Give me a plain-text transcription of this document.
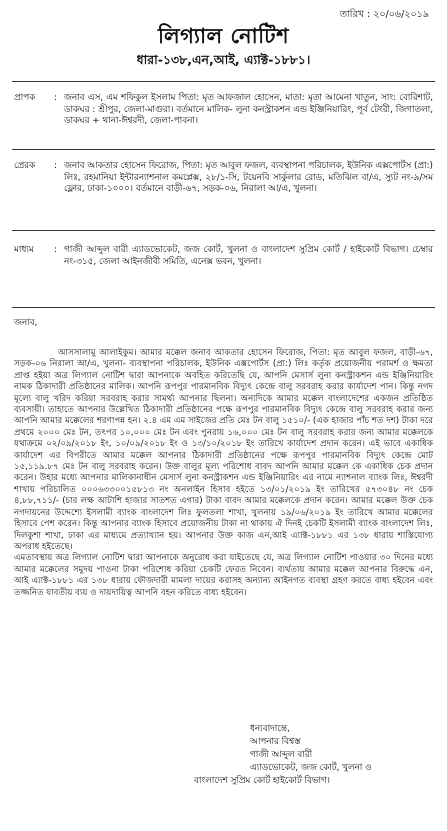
তারিখ : ২০/০৬/২০১৯
লিগ্যাল নোটিশ
ধারা-১৩৮,এন,আই, এ্যাক্ট-১৮৮১।
প্রাপক	: জনাব এস, এম শফিকুল ইসলাম পিতা: মৃত আফজাল হোসেন, মাতা: মৃতা আমেনা খাতুন, সাং: বোরিশাট, ডাকঘর : শ্রীপুর, জেলা-মাগুরা। বর্তমানে মালিক- লুনা কনস্ট্রাকশন এন্ড ইঞ্জিনিয়ারিং, পূর্ব টেংরী, জিগাতলা, ডাকঘর + থানা-ঈশ্বরদী, জেলা-পাবনা।
প্রেরক	: জনাব আকতার হোসেন ফিরোজ, পিতা: মৃত আবুল ফজল, ব্যবস্থাপনা পরিচালক, ইউনিক এক্সপোর্টস (প্রা:) লিঃ, রহমানিয়া ইন্টারন্যাশনাল কমপ্লেক্স, ২৮/১-সি, টয়েনবি সার্কুলার রোড, মতিঝিল বা/এ, স্যুট নং-৯/সম ফ্লোর, ঢাকা-১০০০। বর্তমানে বাড়ী-৬৭, সড়ক-০৬, নিরালা আ/এ, খুলনা।
মাধ্যম	: গাজী আব্দুল বারী এ্যাডভোকেট, জজ কোর্ট, খুলনা ও বাংলাদেশ সুপ্রিম কোর্ট / হাইকোর্ট বিভাগ। চেম্বার নং-৩১৫, জেলা আইনজীবী সমিতি, এনেক্স ভবন, খুলনা।
জনাব,

আসসালামু আলাইকুম। আমার মক্কেল জনাব আকতার হোসেন ফিরোজ, পিতা: মৃত আবুল ফজল, বাড়ী-৬৭, সড়ক-০৬ নিরালা আ/এ, খুলনা- ব্যবস্থাপনা পরিচালক, ইউনিক এক্সপোর্টস (প্রা:) লিঃ কর্তৃক প্রয়োজনীয় পরামর্শ ও ক্ষমতা প্রাপ্ত হইয়া অত্র লিগ্যাল নোটিশ দ্বারা আপনাকে অবহিত করিতেছি যে, আপনি মেসার্স লুনা কনস্ট্রাকশন এন্ড ইঞ্জিনিয়ারিং নামক ঠিকাদারী প্রতিষ্ঠানের মালিক। আপনি রূপপুর পারমানবিক বিদ্যুৎ কেন্দ্রে বালু সরবরাহ করার কার্যাদেশ পান। কিন্তু নগদ মূল্যে বালু খরিদ করিয়া সরবরাহ করার সামর্থ্য আপনার ছিলনা। অন্যদিকে আমার মক্কেল বাংলাদেশের একজন প্রতিষ্ঠিত ব্যবসায়ী। তাহাতে আপনার উল্লেখিত ঠিকাদারী প্রতিষ্ঠানের পক্ষে রূপপুর পারমানবিক বিদ্যুৎ কেন্দ্রে বালু সরবরাহ করার জন্য আপনি আমার মক্কেলের শরণাপন্ন হন। ২.৪ এম এম সাইজের প্রতি মেঃ টন বালু ১৫১০/- (এক হাজার পাঁচ শত দশ) টাকা দরে প্রথমে ২০০০ মেঃ টন, তৎপর ১০,০০০ মেঃ টন এবং পুনরায় ১৬,০০০ মেঃ টন বালু সরবরাহ করার জন্য আমার মক্কেলকে যথাক্রমে ০২/০৯/২০১৮ ইং, ১০/০৯/২০১৮ ইং ও ১৩/১০/২০১৮ ইং তারিখে কার্যাদেশ প্রদান করেন। এই ভাবে একাধিক কার্যাদেশ এর বিপরীতে আমার মক্কেল আপনার ঠিকাদারী প্রতিষ্ঠানের পক্ষে রূপপুর পারমানবিক বিদ্যুৎ কেন্দ্রে মোট ১৫,১১৯.৮৭ মেঃ টন বালু সরবরাহ করেন। উক্ত বালুর মূল্য পরিশোধ বাবদ আপনি আমার মক্কেল কে একাধিক চেক প্রদান করেন। উহার মধ্যে আপনার মালিকানাধীন মেসার্স লুনা কনস্ট্রাকশন এন্ড ইঞ্জিনিয়ারিং এর নামে ন্যাশনাল ব্যাংক লিঃ, ঈশ্বরদী শাখায় পরিচালিত ০০০৬৩৩০০১৫৮১৩ নং অনলাইন হিসাব হইতে ১৩/০১/২০১৯ ইং তারিখের ৫৭৩০৪৮ নং চেক ৪,৮৮,৭১১/- (চার লক্ষ আটাশি হাজার সাতশত এগার) টাকা বাবদ আমার মক্কেলকে প্রদান করেন। আমার মক্কেল উক্ত চেক নগদায়নের উদ্দেশ্যে ইসলামী ব্যাংক বাংলাদেশ লিঃ ফুলতলা শাখা, খুলনায় ১৯/০৬/২০১৯ ইং তারিখে আমার মক্কেলের হিসাবে পেশ করেন। কিন্তু আপনার ব্যাংক হিসাবে প্রয়োজনীয় টাকা না থাকায় ঐ দিনই চেকটি ইসলামী ব্যাংক বাংলাদেশ লিঃ, দিলকুশা শাখা, ঢাকা এর মাধ্যমে প্রত্যাখ্যান হয়। আপনার উক্ত কাজ এন,আই এ্যাক্ট-১৮৮১ এর ১৩৮ ধারায় শাস্তিযোগ্য অপরাধ হইতেছে।

এমতাবস্থায় অত্র লিগ্যাল নোটিশ দ্বারা আপনাকে অনুরোধ করা যাইতেছে যে, অত্র লিগ্যাল নোটিশ পাওয়ার ৩০ দিনের মধ্যে আমার মক্কেলের সমুদয় পাওনা টাকা পরিশোধ করিয়া চেকটি ফেরত নিবেন। ব্যর্থতায় আমার মক্কেল আপনার বিরুদ্ধে এন, আই এ্যাক্ট-১৮৮১ এর ১৩৮ ধারায় ফৌজদারী মামলা দায়ের করাসহ অন্যান্য আইনগত ব্যবস্থা গ্রহণ করতে বাধ্য হইবেন এবং তজ্জনিত যাবতীয় ব্যয় ও দায়দায়িত্ব আপনি বহন করিতে বাধ্য হইবেন।

ধন্যবাদান্তে,
আপনার বিশ্বস্ত
গাজী আব্দুল বারী
এ্যাডভোকেট, জজ কোর্ট, খুলনা ও
বাংলাদেশ সুপ্রিম কোর্ট হাইকোর্ট বিভাগ।
